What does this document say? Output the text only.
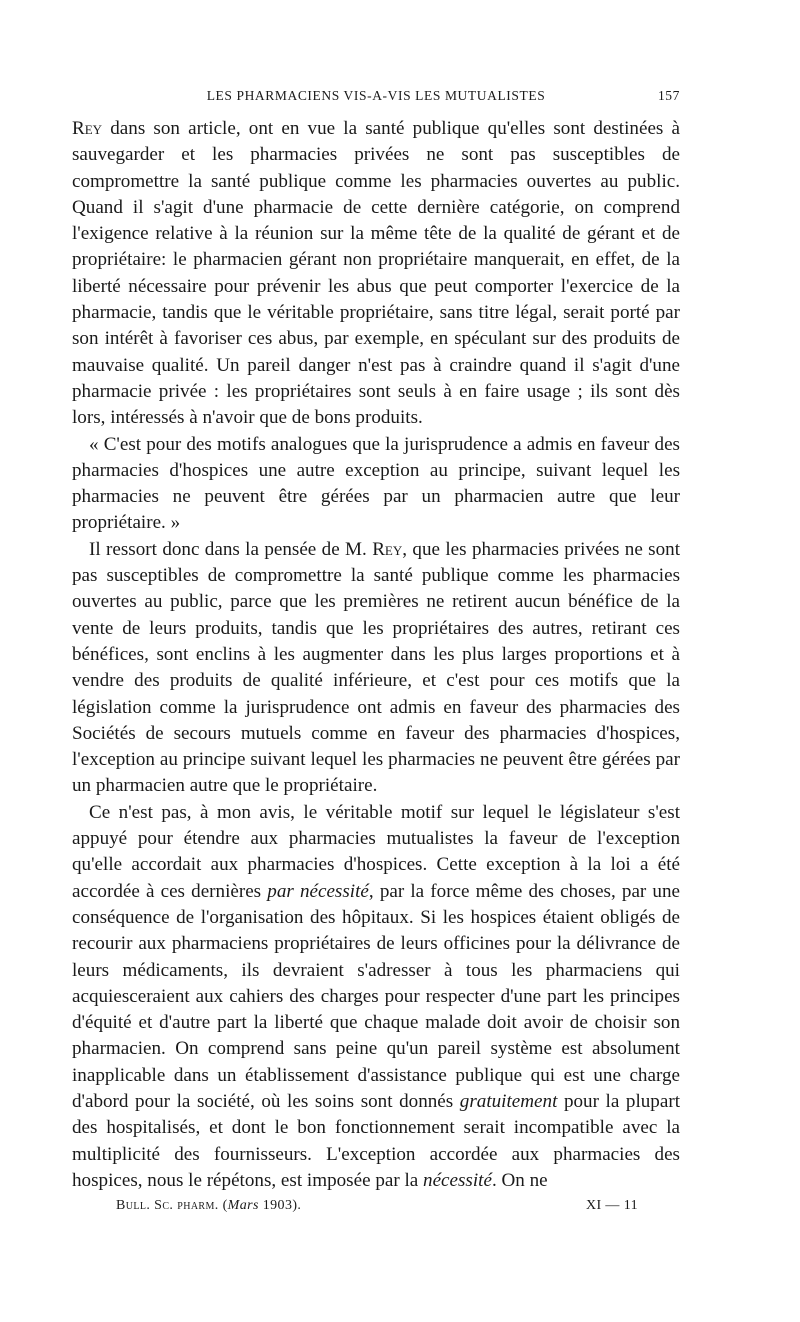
LES PHARMACIENS VIS-A-VIS LES MUTUALISTES	157

Rey dans son article, ont en vue la santé publique qu'elles sont destinées à sauvegarder et les pharmacies privées ne sont pas susceptibles de compromettre la santé publique comme les pharmacies ouvertes au public. Quand il s'agit d'une pharmacie de cette dernière catégorie, on comprend l'exigence relative à la réunion sur la même tête de la qualité de gérant et de propriétaire: le pharmacien gérant non propriétaire manquerait, en effet, de la liberté nécessaire pour prévenir les abus que peut comporter l'exercice de la pharmacie, tandis que le véritable propriétaire, sans titre légal, serait porté par son intérêt à favoriser ces abus, par exemple, en spéculant sur des produits de mauvaise qualité. Un pareil danger n'est pas à craindre quand il s'agit d'une pharmacie privée : les propriétaires sont seuls à en faire usage ; ils sont dès lors, intéressés à n'avoir que de bons produits.

« C'est pour des motifs analogues que la jurisprudence a admis en faveur des pharmacies d'hospices une autre exception au principe, suivant lequel les pharmacies ne peuvent être gérées par un pharmacien autre que leur propriétaire. »

Il ressort donc dans la pensée de M. Rey, que les pharmacies privées ne sont pas susceptibles de compromettre la santé publique comme les pharmacies ouvertes au public, parce que les premières ne retirent aucun bénéfice de la vente de leurs produits, tandis que les propriétaires des autres, retirant ces bénéfices, sont enclins à les augmenter dans les plus larges proportions et à vendre des produits de qualité inférieure, et c'est pour ces motifs que la législation comme la jurisprudence ont admis en faveur des pharmacies des Sociétés de secours mutuels comme en faveur des pharmacies d'hospices, l'exception au principe suivant lequel les pharmacies ne peuvent être gérées par un pharmacien autre que le propriétaire.

Ce n'est pas, à mon avis, le véritable motif sur lequel le législateur s'est appuyé pour étendre aux pharmacies mutualistes la faveur de l'exception qu'elle accordait aux pharmacies d'hospices. Cette exception à la loi a été accordée à ces dernières par nécessité, par la force même des choses, par une conséquence de l'organisation des hôpitaux. Si les hospices étaient obligés de recourir aux pharmaciens propriétaires de leurs officines pour la délivrance de leurs médicaments, ils devraient s'adresser à tous les pharmaciens qui acquiesceraient aux cahiers des charges pour respecter d'une part les principes d'équité et d'autre part la liberté que chaque malade doit avoir de choisir son pharmacien. On comprend sans peine qu'un pareil système est absolument inapplicable dans un établissement d'assistance publique qui est une charge d'abord pour la société, où les soins sont donnés gratuitement pour la plupart des hospitalisés, et dont le bon fonctionnement serait incompatible avec la multiplicité des fournisseurs. L'exception accordée aux pharmacies des hospices, nous le répétons, est imposée par la nécessité. On ne

Bull. Sc. pharm. (Mars 1903).	XI — 11
